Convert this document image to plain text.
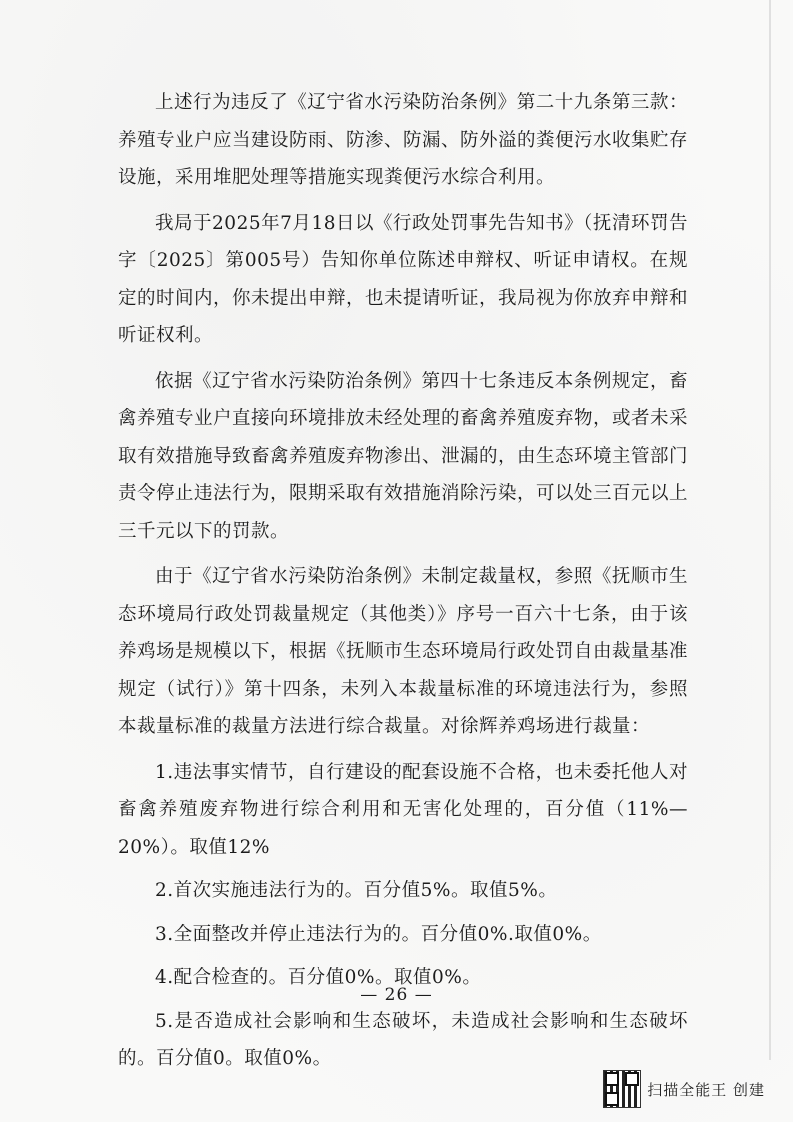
上述行为违反了《辽宁省水污染防治条例》第二十九条第三款：养殖专业户应当建设防雨、防渗、防漏、防外溢的粪便污水收集贮存设施，采用堆肥处理等措施实现粪便污水综合利用。

我局于2025年7月18日以《行政处罚事先告知书》（抚清环罚告字〔2025〕第005号）告知你单位陈述申辩权、听证申请权。在规定的时间内，你未提出申辩，也未提请听证，我局视为你放弃申辩和听证权利。

依据《辽宁省水污染防治条例》第四十七条违反本条例规定，畜禽养殖专业户直接向环境排放未经处理的畜禽养殖废弃物，或者未采取有效措施导致畜禽养殖废弃物渗出、泄漏的，由生态环境主管部门 责令停止违法行为，限期采取有效措施消除污染，可以处三百元以上三千元以下的罚款。

由于《辽宁省水污染防治条例》未制定裁量权，参照《抚顺市生态环境局行政处罚裁量规定（其他类）》序号一百六十七条，由于该养鸡场是规模以下，根据《抚顺市生态环境局行政处罚自由裁量基准规定（试行）》第十四条，未列入本裁量标准的环境违法行为，参照本裁量标准的裁量方法进行综合裁量。对徐辉养鸡场进行裁量：

1.违法事实情节，自行建设的配套设施不合格，也未委托他人对畜禽养殖废弃物进行综合利用和无害化处理的，百分值（11%—20%）。取值12%

2.首次实施违法行为的。百分值5%。取值5%。

3.全面整改并停止违法行为的。百分值0%.取值0%。

4.配合检查的。百分值0%。取值0%。

5.是否造成社会影响和生态破坏，未造成社会影响和生态破坏的。百分值0。取值0%。

— 26 —
扫描全能王 创建
